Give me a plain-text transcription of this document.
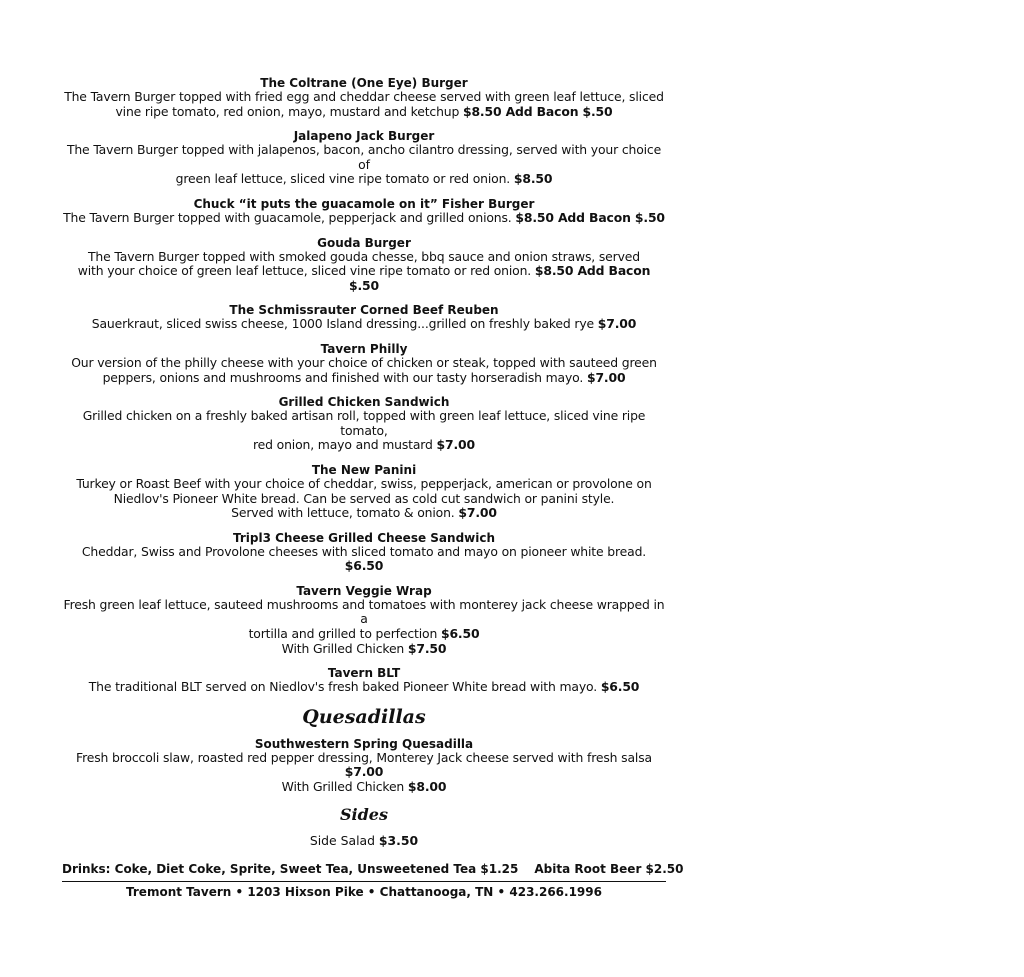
The Coltrane (One Eye) Burger

The Tavern Burger topped with fried egg and cheddar cheese served with green leaf lettuce, sliced

vine ripe tomato, red onion, mayo, mustard and ketchup $8.50 Add Bacon $.50

Jalapeno Jack Burger

The Tavern Burger topped with jalapenos, bacon, ancho cilantro dressing, served with your choice of

green leaf lettuce, sliced vine ripe tomato or red onion. $8.50

Chuck “it puts the guacamole on it” Fisher Burger

The Tavern Burger topped with guacamole, pepperjack and grilled onions. $8.50 Add Bacon $.50

Gouda Burger

The Tavern Burger topped with smoked gouda chesse, bbq sauce and onion straws, served

with your choice of green leaf lettuce, sliced vine ripe tomato or red onion. $8.50 Add Bacon $.50

The Schmissrauter Corned Beef Reuben

Sauerkraut, sliced swiss cheese, 1000 Island dressing...grilled on freshly baked rye $7.00

Tavern Philly

Our version of the philly cheese with your choice of chicken or steak, topped with sauteed green

peppers, onions and mushrooms and finished with our tasty horseradish mayo. $7.00

Grilled Chicken Sandwich

Grilled chicken on a freshly baked artisan roll, topped with green leaf lettuce, sliced vine ripe tomato,

red onion, mayo and mustard $7.00

The New Panini

Turkey or Roast Beef with your choice of cheddar, swiss, pepperjack, american or provolone on

Niedlov's Pioneer White bread. Can be served as cold cut sandwich or panini style.

Served with lettuce, tomato & onion. $7.00

Tripl3 Cheese Grilled Cheese Sandwich

Cheddar, Swiss and Provolone cheeses with sliced tomato and mayo on pioneer white bread. $6.50

Tavern Veggie Wrap

Fresh green leaf lettuce, sauteed mushrooms and tomatoes with monterey jack cheese wrapped in a

tortilla and grilled to perfection $6.50

With Grilled Chicken $7.50

Tavern BLT

The traditional BLT served on Niedlov's fresh baked Pioneer White bread with mayo. $6.50

Quesadillas
Southwestern Spring Quesadilla

Fresh broccoli slaw, roasted red pepper dressing, Monterey Jack cheese served with fresh salsa $7.00

With Grilled Chicken $8.00

Sides
Side Salad $3.50
Drinks: Coke, Diet Coke, Sprite, Sweet Tea, Unsweetened Tea $1.25 Abita Root Beer $2.50
Tremont Tavern • 1203 Hixson Pike • Chattanooga, TN • 423.266.1996
